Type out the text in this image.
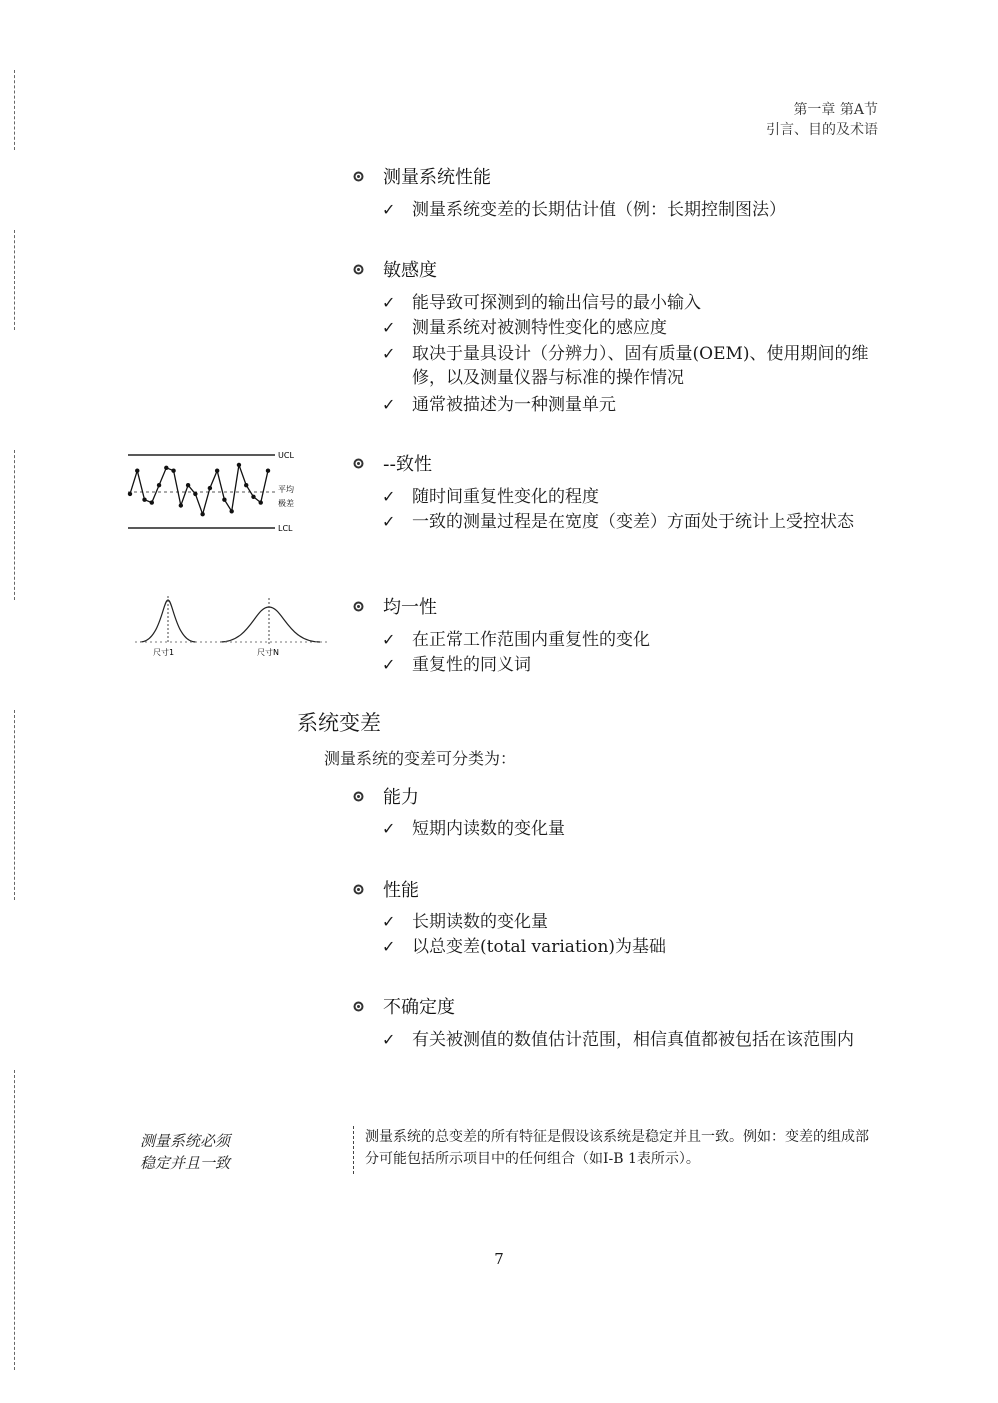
第一章 第A节
引言、目的及术语
测量系统性能
✓ 测量系统变差的长期估计值（例：长期控制图法）
敏感度
✓ 能导致可探测到的输出信号的最小输入
✓ 测量系统对被测特性变化的感应度
✓ 取决于量具设计（分辨力）、固有质量(OEM)、使用期间的维修，以及测量仪器与标准的操作情况
✓ 通常被描述为一种测量单元
UCL
LCL
平均
极差
--致性
✓ 随时间重复性变化的程度
✓ 一致的测量过程是在宽度（变差）方面处于统计上受控状态
尺寸1	尺寸N
均一性
✓ 在正常工作范围内重复性的变化
✓ 重复性的同义词
系统变差
测量系统的变差可分类为：
能力
✓ 短期内读数的变化量
性能
✓ 长期读数的变化量
✓ 以总变差(total variation)为基础
不确定度
✓ 有关被测值的数值估计范围，相信真值都被包括在该范围内
测量系统必须
稳定并且一致
测量系统的总变差的所有特征是假设该系统是稳定并且一致。例如：变差的组成部分可能包括所示项目中的任何组合（如I-B 1表所示）。
7
